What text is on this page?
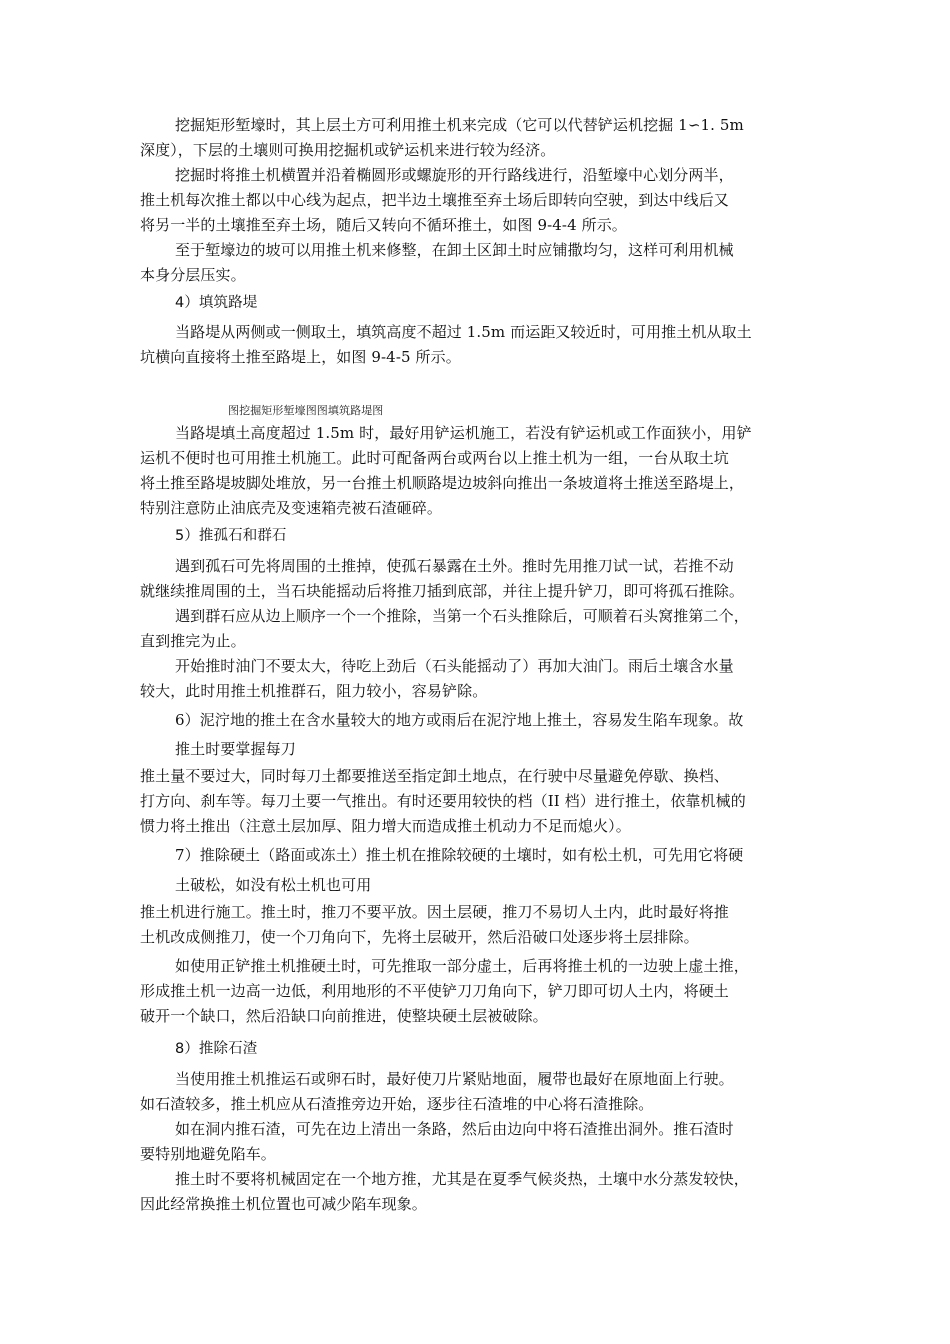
挖掘矩形堑壕时，其上层土方可利用推土机来完成（它可以代替铲运机挖掘 1∽1. 5m
深度），下层的土壤则可换用挖掘机或铲运机来进行较为经济。
挖掘时将推土机横置并沿着椭圆形或螺旋形的开行路线进行，沿堑壕中心划分两半，
推土机每次推土都以中心线为起点，把半边土壤推至弃土场后即转向空驶，到达中线后又
将另一半的土壤推至弃土场，随后又转向不循环推土，如图 9-4-4 所示。
至于堑壕边的坡可以用推土机来修整，在卸土区卸土时应铺撒均匀，这样可利用机械
本身分层压实。
4）填筑路堤
当路堤从两侧或一侧取土，填筑高度不超过 1.5m 而运距又较近时，可用推土机从取土
坑横向直接将土推至路堤上，如图 9-4-5 所示。
图挖掘矩形堑壕图图填筑路堤图
当路堤填土高度超过 1.5m 时，最好用铲运机施工，若没有铲运机或工作面狭小，用铲
运机不便时也可用推土机施工。此时可配备两台或两台以上推土机为一组，一台从取土坑
将土推至路堤坡脚处堆放，另一台推土机顺路堤边坡斜向推出一条坡道将土推送至路堤上，
特别注意防止油底壳及变速箱壳被石渣砸碎。
5）推孤石和群石
遇到孤石可先将周围的土推掉，使孤石暴露在土外。推时先用推刀试一试，若推不动
就继续推周围的土，当石块能摇动后将推刀插到底部，并往上提升铲刀，即可将孤石推除。
遇到群石应从边上顺序一个一个推除，当第一个石头推除后，可顺着石头窝推第二个，
直到推完为止。
开始推时油门不要太大，待吃上劲后（石头能摇动了）再加大油门。雨后土壤含水量
较大，此时用推土机推群石，阻力较小，容易铲除。
6）泥泞地的推土在含水量较大的地方或雨后在泥泞地上推土，容易发生陷车现象。故
推土时要掌握每刀
推土量不要过大，同时每刀土都要推送至指定卸土地点，在行驶中尽量避免停歇、换档、
打方向、刹车等。每刀土要一气推出。有时还要用较快的档（II 档）进行推土，依靠机械的
惯力将土推出（注意土层加厚、阻力增大而造成推土机动力不足而熄火）。
7）推除硬土（路面或冻土）推土机在推除较硬的土壤时，如有松土机，可先用它将硬
土破松，如没有松土机也可用
推土机进行施工。推土时，推刀不要平放。因土层硬，推刀不易切人土内，此时最好将推
土机改成侧推刀，使一个刀角向下，先将土层破开，然后沿破口处逐步将土层排除。
如使用正铲推土机推硬土时，可先推取一部分虚土，后再将推土机的一边驶上虚土推，
形成推土机一边高一边低，利用地形的不平使铲刀刀角向下，铲刀即可切人土内，将硬土
破开一个缺口，然后沿缺口向前推进，使整块硬土层被破除。
8）推除石渣
当使用推土机推运石或卵石时，最好使刀片紧贴地面，履带也最好在原地面上行驶。
如石渣较多，推土机应从石渣推旁边开始，逐步往石渣堆的中心将石渣推除。
如在洞内推石渣，可先在边上清出一条路，然后由边向中将石渣推出洞外。推石渣时
要特别地避免陷车。
推土时不要将机械固定在一个地方推，尤其是在夏季气候炎热，土壤中水分蒸发较快，
因此经常换推土机位置也可减少陷车现象。
